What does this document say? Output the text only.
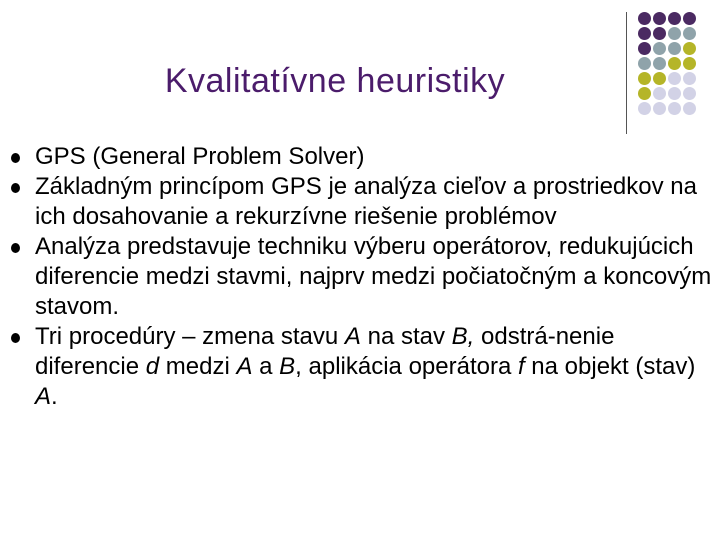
Kvalitatívne heuristiky
GPS (General Problem Solver)
Základným princípom GPS je analýza cieľov a prostriedkov na ich dosahovanie a rekurzívne riešenie problémov
Analýza predstavuje techniku výberu operátorov, redukujúcich diferencie medzi stavmi, najprv medzi počiatočným a koncovým stavom.
Tri procedúry – zmena stavu A na stav B, odstrá-nenie diferencie d medzi A a B, aplikácia operátora f na objekt (stav) A.
